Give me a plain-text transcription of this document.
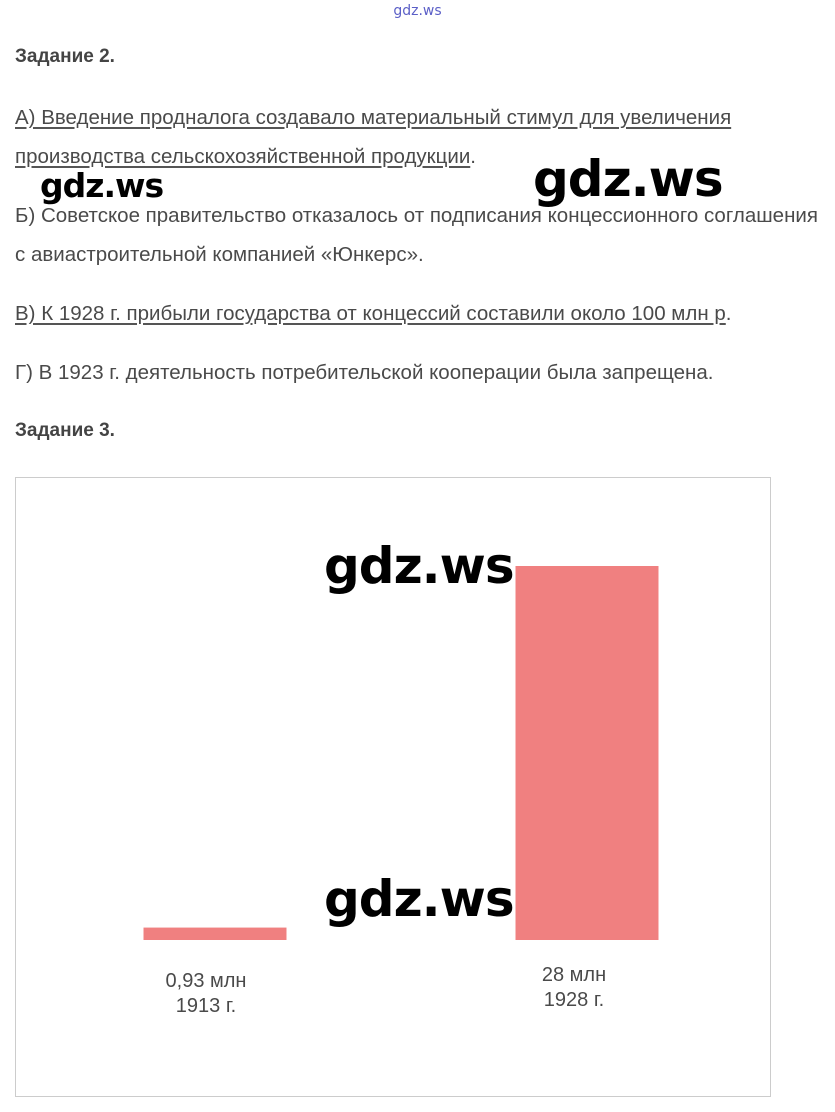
gdz.ws
Задание 2.
А) Введение продналога создавало материальный стимул для увеличения производства сельскохозяйственной продукции.
Б) Советское правительство отказалось от подписания концессионного соглашения с авиастроительной компанией «Юнкерс».
В) К 1928 г. прибыли государства от концессий составили около 100 млн р.
Г) В 1923 г. деятельность потребительской кооперации была запрещена.
Задание 3.
0,93 млн
1913 г.
28 млн
1928 г.
gdz.ws	gdz.ws
gdz.ws
gdz.ws
